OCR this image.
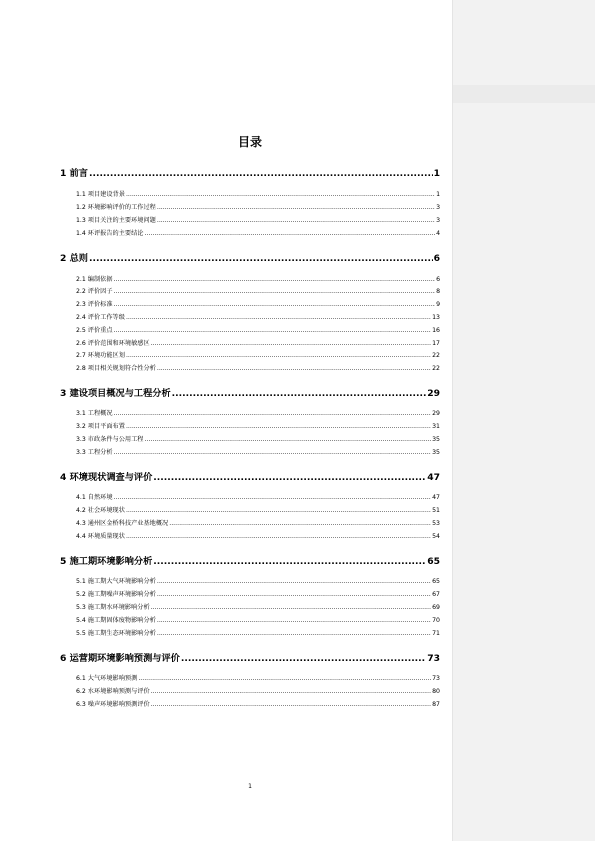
目录
1 前言 .....	1
1.1 项目建设背景 .....	1
1.2 环境影响评价的工作过程 .....	3
1.3 项目关注的主要环境问题 .....	3
1.4 环评报告的主要结论 .....	4
2 总则 .....	6
2.1 编制依据 .....	6
2.2 评价因子 .....	8
2.3 评价标准 .....	9
2.4 评价工作等级 .....	13
2.5 评价重点 .....	16
2.6 评价范围和环境敏感区 .....	17
2.7 环境功能区划 .....	22
2.8 项目相关规划符合性分析 .....	22
3 建设项目概况与工程分析 .....	29
3.1 工程概况 .....	29
3.2 项目平面布置 .....	31
3.3 市政条件与公用工程 .....	35
3.3 工程分析 .....	35
4 环境现状调查与评价 .....	47
4.1 自然环境 .....	47
4.2 社会环境现状 .....	51
4.3 通州区金桥科技产业基地概况 .....	53
4.4 环境质量现状 .....	54
5 施工期环境影响分析 .....	65
5.1 施工期大气环境影响分析 .....	65
5.2 施工期噪声环境影响分析 .....	67
5.3 施工期水环境影响分析 .....	69
5.4 施工期固体废物影响分析 .....	70
5.5 施工期生态环境影响分析 .....	71
6 运营期环境影响预测与评价 .....	73
6.1 大气环境影响预测 .....	73
6.2 水环境影响预测与评价 .....	80
6.3 噪声环境影响预测评价 .....	87
1
